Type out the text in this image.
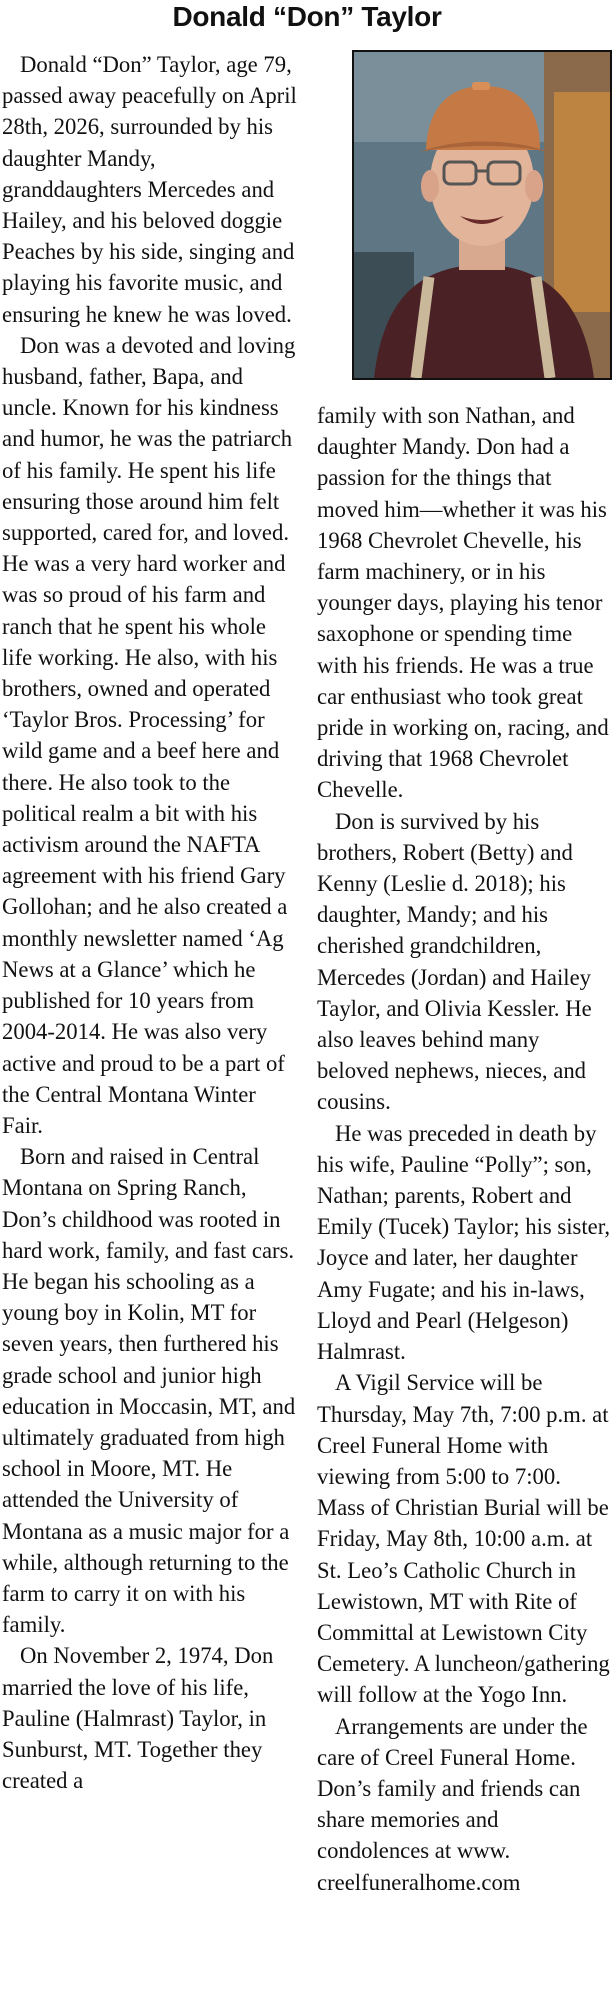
Donald “Don” Taylor

Donald “Don” Taylor, age 79, passed away peacefully on April 28th, 2026, surrounded by his daughter Mandy, granddaughters Mercedes and Hailey, and his beloved doggie Peaches by his side, singing and playing his favorite music, and ensuring he knew he was loved.

Don was a devoted and loving husband, father, Bapa, and uncle. Known for his kindness and humor, he was the patriarch of his family. He spent his life ensuring those around him felt supported, cared for, and loved. He was a very hard worker and was so proud of his farm and ranch that he spent his whole life working. He also, with his brothers, owned and operated ‘Taylor Bros. Processing’ for wild game and a beef here and there. He also took to the political realm a bit with his activism around the NAFTA agreement with his friend Gary Gollohan; and he also created a monthly newsletter named ‘Ag News at a Glance’ which he published for 10 years from 2004-2014. He was also very active and proud to be a part of the Central Montana Winter Fair.

Born and raised in Central Montana on Spring Ranch, Don’s childhood was rooted in hard work, family, and fast cars. He began his schooling as a young boy in Kolin, MT for seven years, then furthered his grade school and junior high education in Moccasin, MT, and ultimately graduated from high school in Moore, MT. He attended the University of Montana as a music major for a while, although returning to the farm to carry it on with his family.

On November 2, 1974, Don married the love of his life, Pauline (Halmrast) Taylor, in Sunburst, MT. Together they created a

family with son Nathan, and daughter Mandy. Don had a passion for the things that moved him—whether it was his 1968 Chevrolet Chevelle, his farm machinery, or in his younger days, playing his tenor saxophone or spending time with his friends. He was a true car enthusiast who took great pride in working on, racing, and driving that 1968 Chevrolet Chevelle.

Don is survived by his brothers, Robert (Betty) and Kenny (Leslie d. 2018); his daughter, Mandy; and his cherished grandchildren, Mercedes (Jordan) and Hailey Taylor, and Olivia Kessler. He also leaves behind many beloved nephews, nieces, and cousins.

He was preceded in death by his wife, Pauline “Polly”; son, Nathan; parents, Robert and Emily (Tucek) Taylor; his sister, Joyce and later, her daughter Amy Fugate; and his in-laws, Lloyd and Pearl (Helgeson) Halmrast.

A Vigil Service will be Thursday, May 7th, 7:00 p.m. at Creel Funeral Home with viewing from 5:00 to 7:00. Mass of Christian Burial will be Friday, May 8th, 10:00 a.m. at St. Leo’s Catholic Church in Lewistown, MT with Rite of Committal at Lewistown City Cemetery. A luncheon/gathering will follow at the Yogo Inn.

Arrangements are under the care of Creel Funeral Home. Don’s family and friends can share memories and condolences at www. creelfuneralhome.com
